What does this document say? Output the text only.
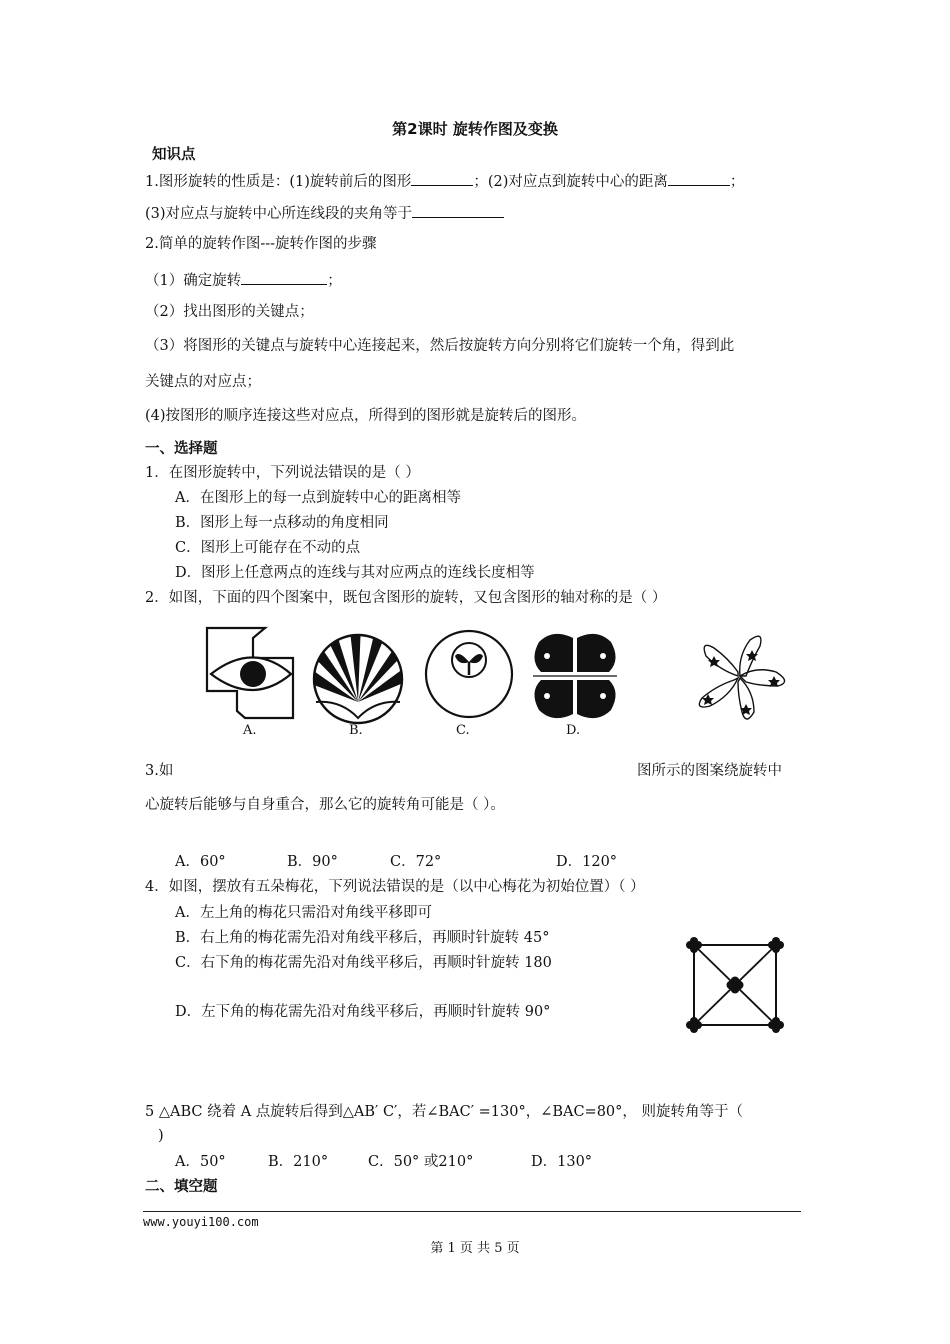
第2课时 旋转作图及变换
知识点
1.图形旋转的性质是：(1)旋转前后的图形	；(2)对应点到旋转中心的距离	；
(3)对应点与旋转中心所连线段的夹角等于
2.简单的旋转作图---旋转作图的步骤
（1）确定旋转	；
（2）找出图形的关键点；
（3）将图形的关键点与旋转中心连接起来，然后按旋转方向分别将它们旋转一个角，得到此
关键点的对应点；
(4)按图形的顺序连接这些对应点，所得到的图形就是旋转后的图形。
一、选择题
1．在图形旋转中，下列说法错误的是（ ）
A．在图形上的每一点到旋转中心的距离相等
B．图形上每一点移动的角度相同
C．图形上可能存在不动的点
D．图形上任意两点的连线与其对应两点的连线长度相等
2．如图，下面的四个图案中，既包含图形的旋转，又包含图形的轴对称的是（ ）
A.	B.	C.	D.
3.如	图所示的图案绕旋转中
心旋转后能够与自身重合，那么它的旋转角可能是（ ）。
A．60°	B．90°	C．72°	D．120°
4．如图，摆放有五朵梅花，下列说法错误的是（以中心梅花为初始位置）（ ）
A．左上角的梅花只需沿对角线平移即可
B．右上角的梅花需先沿对角线平移后，再顺时针旋转 45°
C．右下角的梅花需先沿对角线平移后，再顺时针旋转 180
D．左下角的梅花需先沿对角线平移后，再顺时针旋转 90°
5 △ABC 绕着 A 点旋转后得到△AB′ C′，若∠BAC′ =130°，∠BAC=80°， 则旋转角等于（
)
A．50°	B．210°	C．50° 或210°	D．130°
二、填空题
www.youyi100.com
第 1 页 共 5 页
